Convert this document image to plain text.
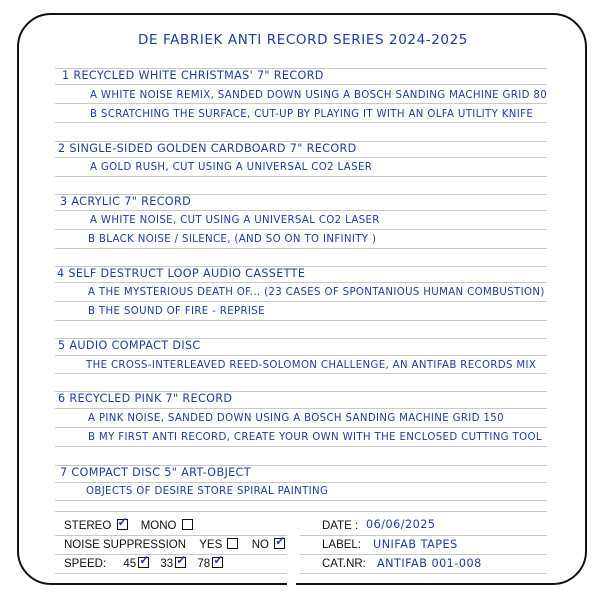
DE FABRIEK ANTI RECORD SERIES 2024-2025
1 RECYCLED WHITE CHRISTMAS' 7" RECORD
A WHITE NOISE REMIX, SANDED DOWN USING A BOSCH SANDING MACHINE GRID 80
B SCRATCHING THE SURFACE, CUT-UP BY PLAYING IT WITH AN OLFA UTILITY KNIFE
2 SINGLE-SIDED GOLDEN CARDBOARD 7" RECORD
A GOLD RUSH, CUT USING A UNIVERSAL CO2 LASER
3 ACRYLIC 7" RECORD
A WHITE NOISE, CUT USING A UNIVERSAL CO2 LASER
B BLACK NOISE / SILENCE, (AND SO ON TO INFINITY )
4 SELF DESTRUCT LOOP AUDIO CASSETTE
A THE MYSTERIOUS DEATH OF... (23 CASES OF SPONTANIOUS HUMAN COMBUSTION)
B THE SOUND OF FIRE - REPRISE
5 AUDIO COMPACT DISC
THE CROSS-INTERLEAVED REED-SOLOMON CHALLENGE, AN ANTIFAB RECORDS MIX
6 RECYCLED PINK 7" RECORD
A PINK NOISE, SANDED DOWN USING A BOSCH SANDING MACHINE GRID 150
B MY FIRST ANTI RECORD, CREATE YOUR OWN WITH THE ENCLOSED CUTTING TOOL
7 COMPACT DISC 5" ART-OBJECT
OBJECTS OF DESIRE STORE SPIRAL PAINTING
STEREO ✓	MONO
NOISE SUPPRESSION YES	NO ✓
SPEED: 45 ✓ 33 ✓ 78✓
DATE : 06/06/2025
LABEL: UNIFAB TAPES
CAT.NR: ANTIFAB 001-008
